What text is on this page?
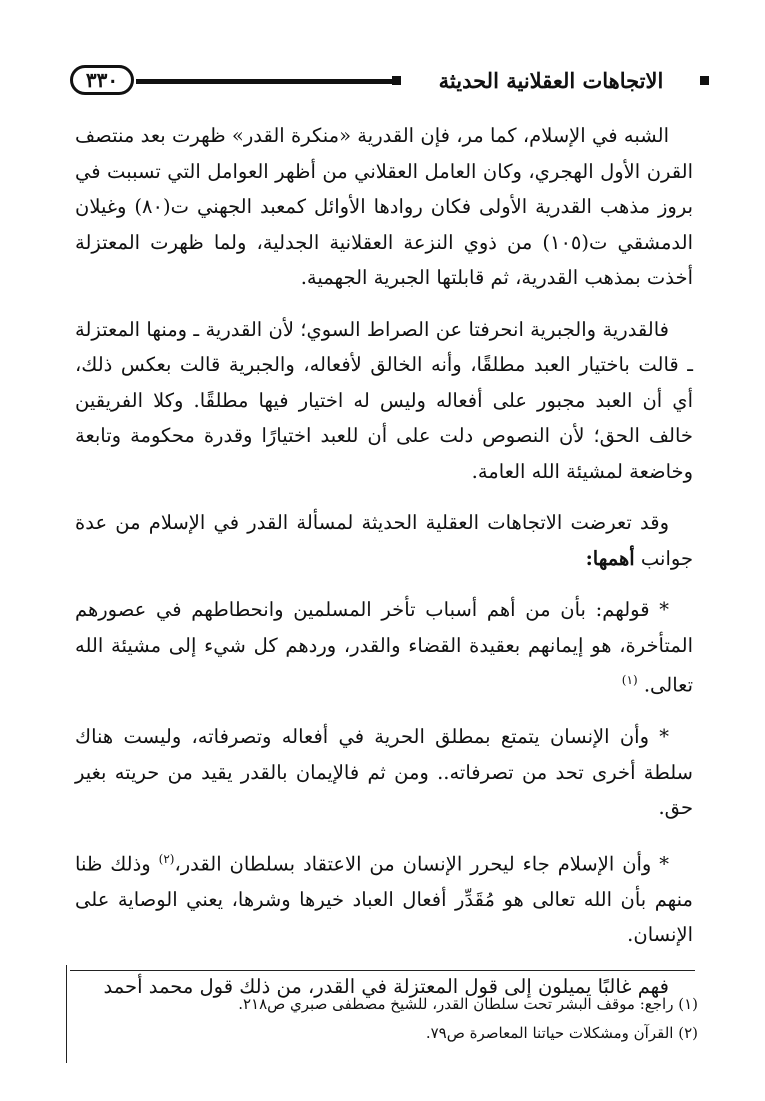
٣٣٠	الاتجاهات العقلانية الحديثة

الشبه في الإسلام، كما مر، فإن القدرية «منكرة القدر» ظهرت بعد منتصف القرن الأول الهجري، وكان العامل العقلاني من أظهر العوامل التي تسببت في بروز مذهب القدرية الأولى فكان روادها الأوائل كمعبد الجهني ت(٨٠) وغيلان الدمشقي ت(١٠٥) من ذوي النزعة العقلانية الجدلية، ولما ظهرت المعتزلة أخذت بمذهب القدرية، ثم قابلتها الجبرية الجهمية.

فالقدرية والجبرية انحرفتا عن الصراط السوي؛ لأن القدرية ـ ومنها المعتزلة ـ قالت باختيار العبد مطلقًا، وأنه الخالق لأفعاله، والجبرية قالت بعكس ذلك، أي أن العبد مجبور على أفعاله وليس له اختيار فيها مطلقًا. وكلا الفريقين خالف الحق؛ لأن النصوص دلت على أن للعبد اختيارًا وقدرة محكومة وتابعة وخاضعة لمشيئة الله العامة.

وقد تعرضت الاتجاهات العقلية الحديثة لمسألة القدر في الإسلام من عدة جوانب أهمها:

* قولهم: بأن من أهم أسباب تأخر المسلمين وانحطاطهم في عصورهم المتأخرة، هو إيمانهم بعقيدة القضاء والقدر، وردهم كل شيء إلى مشيئة الله تعالى. $^{(١)}$

* وأن الإنسان يتمتع بمطلق الحرية في أفعاله وتصرفاته، وليست هناك سلطة أخرى تحد من تصرفاته.. ومن ثم فالإيمان بالقدر يقيد من حريته بغير حق.

* وأن الإسلام جاء ليحرر الإنسان من الاعتقاد بسلطان القدر،$^{(٢)}$ وذلك ظنا منهم بأن الله تعالى هو مُقَدِّر أفعال العباد خيرها وشرها، يعني الوصاية على الإنسان.

فهم غالبًا يميلون إلى قول المعتزلة في القدر، من ذلك قول محمد أحمد

(١) راجع: موقف البشر تحت سلطان القدر، للشيخ مصطفى صبري ص٢١٨.

(٢) القرآن ومشكلات حياتنا المعاصرة ص٧٩.
